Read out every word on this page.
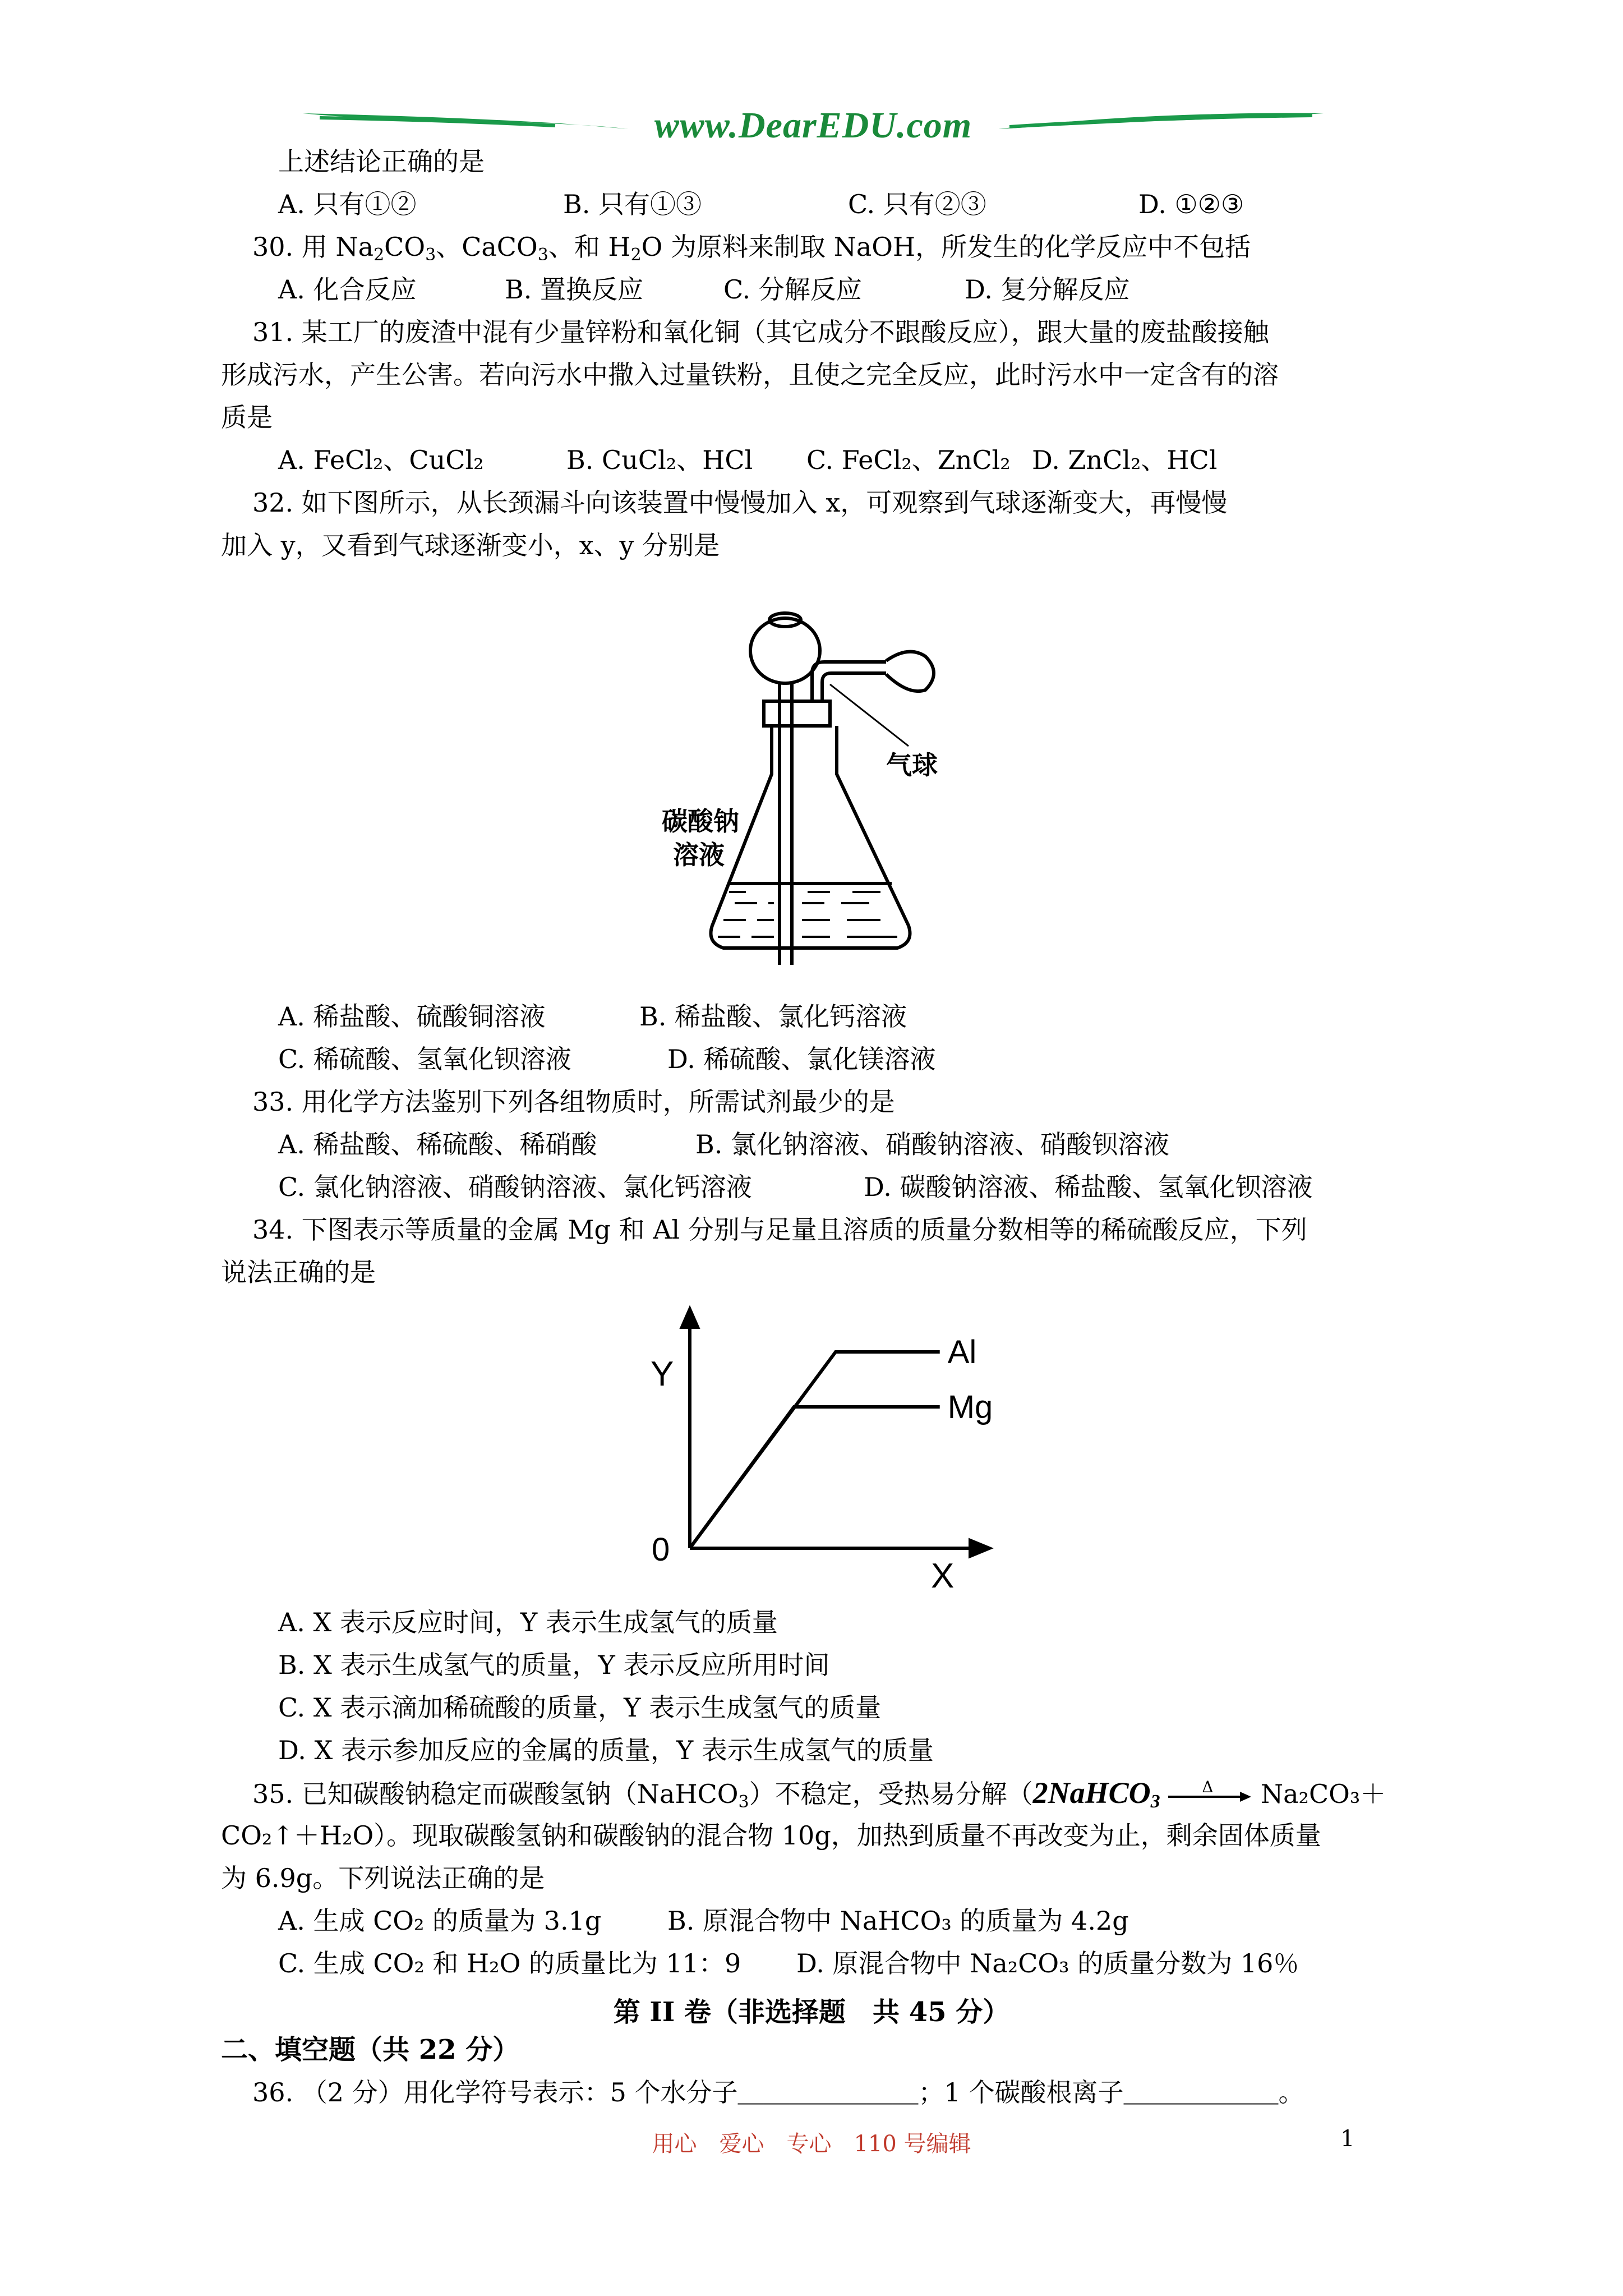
www.DearEDU.com
上述结论正确的是
A. 只有①②	B. 只有①③	C. 只有②③	D. ①②③
30. 用 $Na_2CO_3$、CaCO$_3$、和 $H_2O$ 为原料来制取 NaOH，所发生的化学反应中不包括
A. 化合反应	B. 置换反应	C. 分解反应	D. 复分解反应
31. 某工厂的废渣中混有少量锌粉和氧化铜（其它成分不跟酸反应），跟大量的废盐酸接触
形成污水，产生公害。若向污水中撒入过量铁粉，且使之完全反应，此时污水中一定含有的溶
质是
A. FeCl₂、CuCl₂	B. CuCl₂、HCl C. FeCl₂、ZnCl₂ D. ZnCl₂、HCl
32. 如下图所示，从长颈漏斗向该装置中慢慢加入 x，可观察到气球逐渐变大，再慢慢
加入 y，又看到气球逐渐变小，x、y 分别是
气球
碳酸钠
溶液
A. 稀盐酸、硫酸铜溶液	B. 稀盐酸、氯化钙溶液
C. 稀硫酸、氢氧化钡溶液	D. 稀硫酸、氯化镁溶液
33. 用化学方法鉴别下列各组物质时，所需试剂最少的是
A. 稀盐酸、稀硫酸、稀硝酸	B. 氯化钠溶液、硝酸钠溶液、硝酸钡溶液
C. 氯化钠溶液、硝酸钠溶液、氯化钙溶液	D. 碳酸钠溶液、稀盐酸、氢氧化钡溶液
34. 下图表示等质量的金属 Mg 和 Al 分别与足量且溶质的质量分数相等的稀硫酸反应，下列
说法正确的是
Al
Mg
Y
X
0
A. X 表示反应时间，Y 表示生成氢气的质量
B. X 表示生成氢气的质量，Y 表示反应所用时间
C. X 表示滴加稀硫酸的质量，Y 表示生成氢气的质量
D. X 表示参加反应的金属的质量，Y 表示生成氢气的质量
35. 已知碳酸钠稳定而碳酸氢钠（NaHCO$_3$）不稳定，受热易分解（2NaHCO$_3$
Δ Na₂CO₃＋
CO₂↑＋H₂O）。现取碳酸氢钠和碳酸钠的混合物 10g，加热到质量不再改变为止，剩余固体质量
为 6.9g。下列说法正确的是
A. 生成 CO₂ 的质量为 3.1g	B. 原混合物中 NaHCO₃ 的质量为 4.2g
C. 生成 CO₂ 和 H₂O 的质量比为 11：9 D. 原混合物中 Na₂CO₃ 的质量分数为 16％
第 II 卷（非选择题　共 45 分）
二、填空题（共 22 分）
36. （2 分）用化学符号表示：5 个水分子＿＿＿＿＿＿＿；1 个碳酸根离子＿＿＿＿＿＿。
用心　爱心　专心　110 号编辑	1
